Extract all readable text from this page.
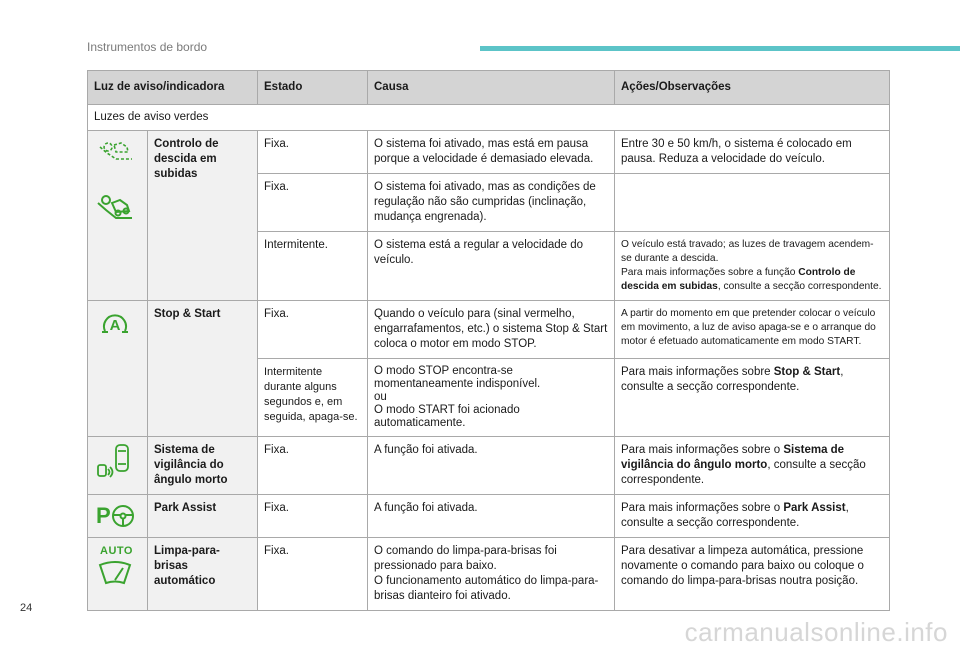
Instrumentos de bordo
Luz de aviso/indicadora		Estado	Causa	Ações/Observações
Luzes de aviso verdes				

	Controlo de descida em subidas	Fixa.	O sistema foi ativado, mas está em pausa porque a velocidade é demasiado elevada.	Entre 30 e 50 km/h, o sistema é colocado em pausa. Reduza a velocidade do veículo.
		Fixa.	O sistema foi ativado, mas as condições de regulação não são cumpridas (inclinação, mudança engrenada).	
		Intermitente.	O sistema está a regular a velocidade do veículo.	O veículo está travado; as luzes de travagem acendem-se durante a descida.
Para mais informações sobre a função Controlo de descida em subidas, consulte a secção correspondente.

A	Stop & Start	Fixa.	Quando o veículo para (sinal vermelho, engarrafamentos, etc.) o sistema Stop & Start coloca o motor em modo STOP.	A partir do momento em que pretender colocar o veículo em movimento, a luz de aviso apaga-se e o arranque do motor é efetuado automaticamente em modo START.
		Intermitente durante alguns segundos e, em seguida, apaga-se.	O modo STOP encontra-se momentaneamente indisponível.
ou
O modo START foi acionado automaticamente.	Para mais informações sobre Stop & Start, consulte a secção correspondente.

	Sistema de vigilância do ângulo morto	Fixa.	A função foi ativada.	Para mais informações sobre o Sistema de vigilância do ângulo morto, consulte a secção correspondente.

P	Park Assist	Fixa.	A função foi ativada.	Para mais informações sobre o Park Assist, consulte a secção correspondente.

AUTO	Limpa-para-brisas automático	Fixa.	O comando do limpa-para-brisas foi pressionado para baixo.
O funcionamento automático do limpa-para-brisas dianteiro foi ativado.	Para desativar a limpeza automática, pressione novamente o comando para baixo ou coloque o comando do limpa-para-brisas noutra posição.
24
carmanualsonline.info
